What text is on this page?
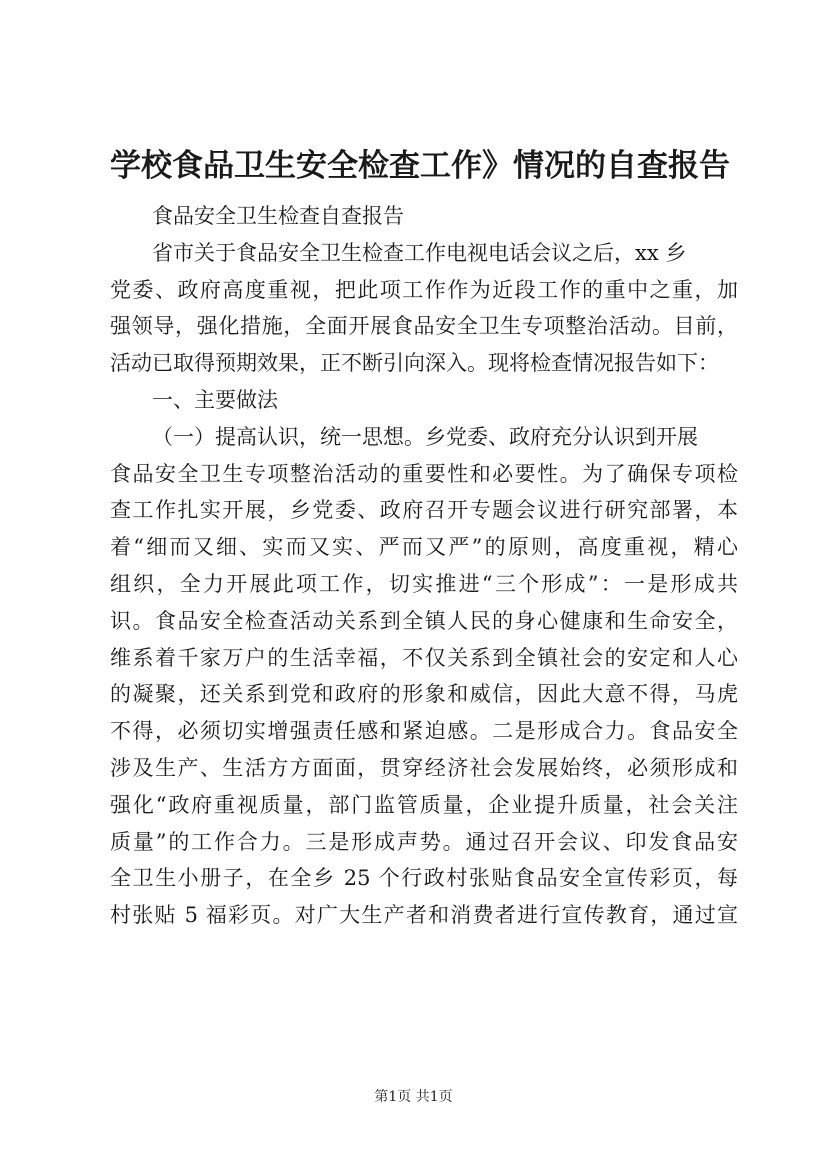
学校食品卫生安全检查工作》情况的自查报告
食品安全卫生检查自查报告
省市关于食品安全卫生检查工作电视电话会议之后，xx 乡
党委、政府高度重视，把此项工作作为近段工作的重中之重，加
强领导，强化措施，全面开展食品安全卫生专项整治活动。目前，
活动已取得预期效果，正不断引向深入。现将检查情况报告如下：
一、主要做法
（一）提高认识，统一思想。乡党委、政府充分认识到开展
食品安全卫生专项整治活动的重要性和必要性。为了确保专项检
查工作扎实开展，乡党委、政府召开专题会议进行研究部署，本
着“细而又细、实而又实、严而又严”的原则，高度重视，精心
组织，全力开展此项工作，切实推进“三个形成”：一是形成共
识。食品安全检查活动关系到全镇人民的身心健康和生命安全，
维系着千家万户的生活幸福，不仅关系到全镇社会的安定和人心
的凝聚，还关系到党和政府的形象和威信，因此大意不得，马虎
不得，必须切实增强责任感和紧迫感。二是形成合力。食品安全
涉及生产、生活方方面面，贯穿经济社会发展始终，必须形成和
强化“政府重视质量，部门监管质量，企业提升质量，社会关注
质量”的工作合力。三是形成声势。通过召开会议、印发食品安
全卫生小册子，在全乡 25 个行政村张贴食品安全宣传彩页，每
村张贴 5 福彩页。对广大生产者和消费者进行宣传教育，通过宣
第1页 共1页
